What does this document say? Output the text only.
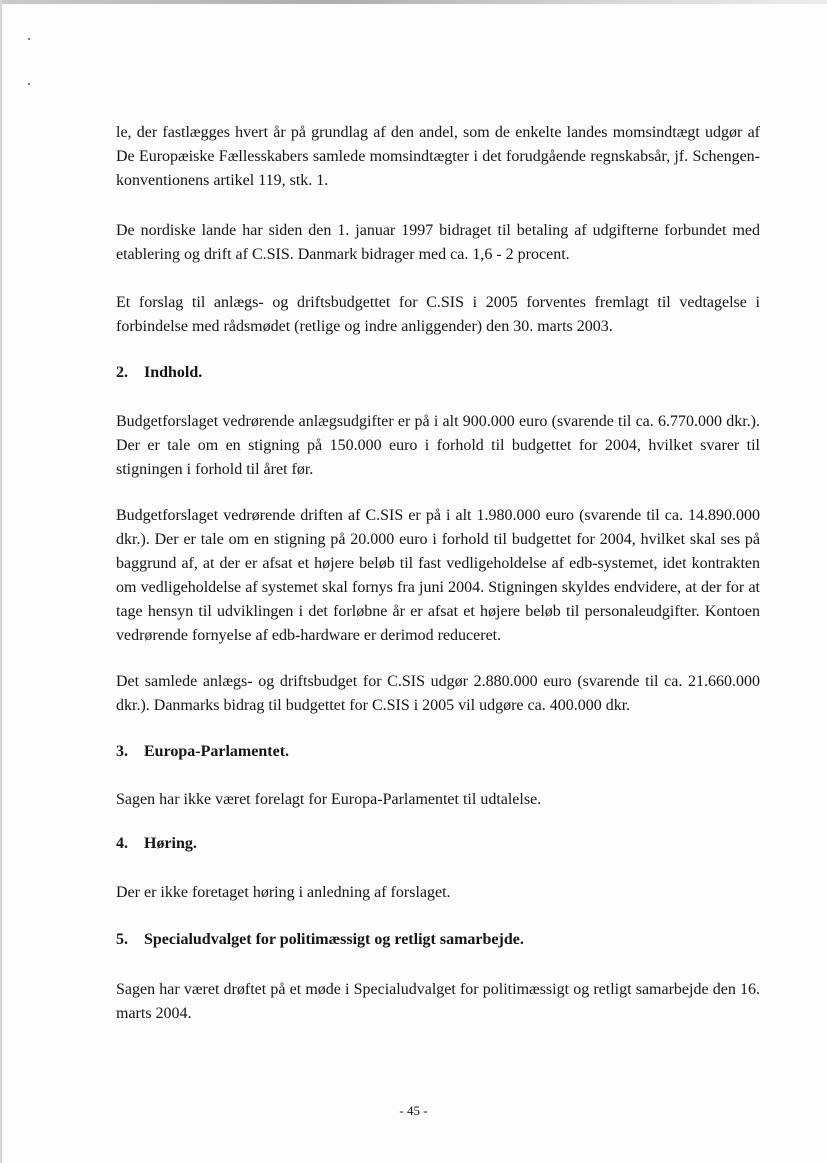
le, der fastlægges hvert år på grundlag af den andel, som de enkelte landes momsindtægt udgør af De Europæiske Fællesskabers samlede momsindtægter i det forudgående regnskabsår, jf. Schengen-konventionens artikel 119, stk. 1.

De nordiske lande har siden den 1. januar 1997 bidraget til betaling af udgifterne forbundet med etablering og drift af C.SIS. Danmark bidrager med ca. 1,6 - 2 procent.

Et forslag til anlægs- og driftsbudgettet for C.SIS i 2005 forventes fremlagt til vedtagelse i forbindelse med rådsmødet (retlige og indre anliggender) den 30. marts 2003.

2. Indhold.

Budgetforslaget vedrørende anlægsudgifter er på i alt 900.000 euro (svarende til ca. 6.770.000 dkr.). Der er tale om en stigning på 150.000 euro i forhold til budgettet for 2004, hvilket svarer til stigningen i forhold til året før.

Budgetforslaget vedrørende driften af C.SIS er på i alt 1.980.000 euro (svarende til ca. 14.890.000 dkr.). Der er tale om en stigning på 20.000 euro i forhold til budgettet for 2004, hvilket skal ses på baggrund af, at der er afsat et højere beløb til fast vedligeholdelse af edb-systemet, idet kontrakten om vedligeholdelse af systemet skal fornys fra juni 2004. Stigningen skyldes endvidere, at der for at tage hensyn til udviklingen i det forløbne år er afsat et højere beløb til personaleudgifter. Kontoen vedrørende fornyelse af edb-hardware er derimod reduceret.

Det samlede anlægs- og driftsbudget for C.SIS udgør 2.880.000 euro (svarende til ca. 21.660.000 dkr.). Danmarks bidrag til budgettet for C.SIS i 2005 vil udgøre ca. 400.000 dkr.

3. Europa-Parlamentet.

Sagen har ikke været forelagt for Europa-Parlamentet til udtalelse.

4. Høring.

Der er ikke foretaget høring i anledning af forslaget.

5. Specialudvalget for politimæssigt og retligt samarbejde.

Sagen har været drøftet på et møde i Specialudvalget for politimæssigt og retligt samarbejde den 16. marts 2004.

- 45 -
